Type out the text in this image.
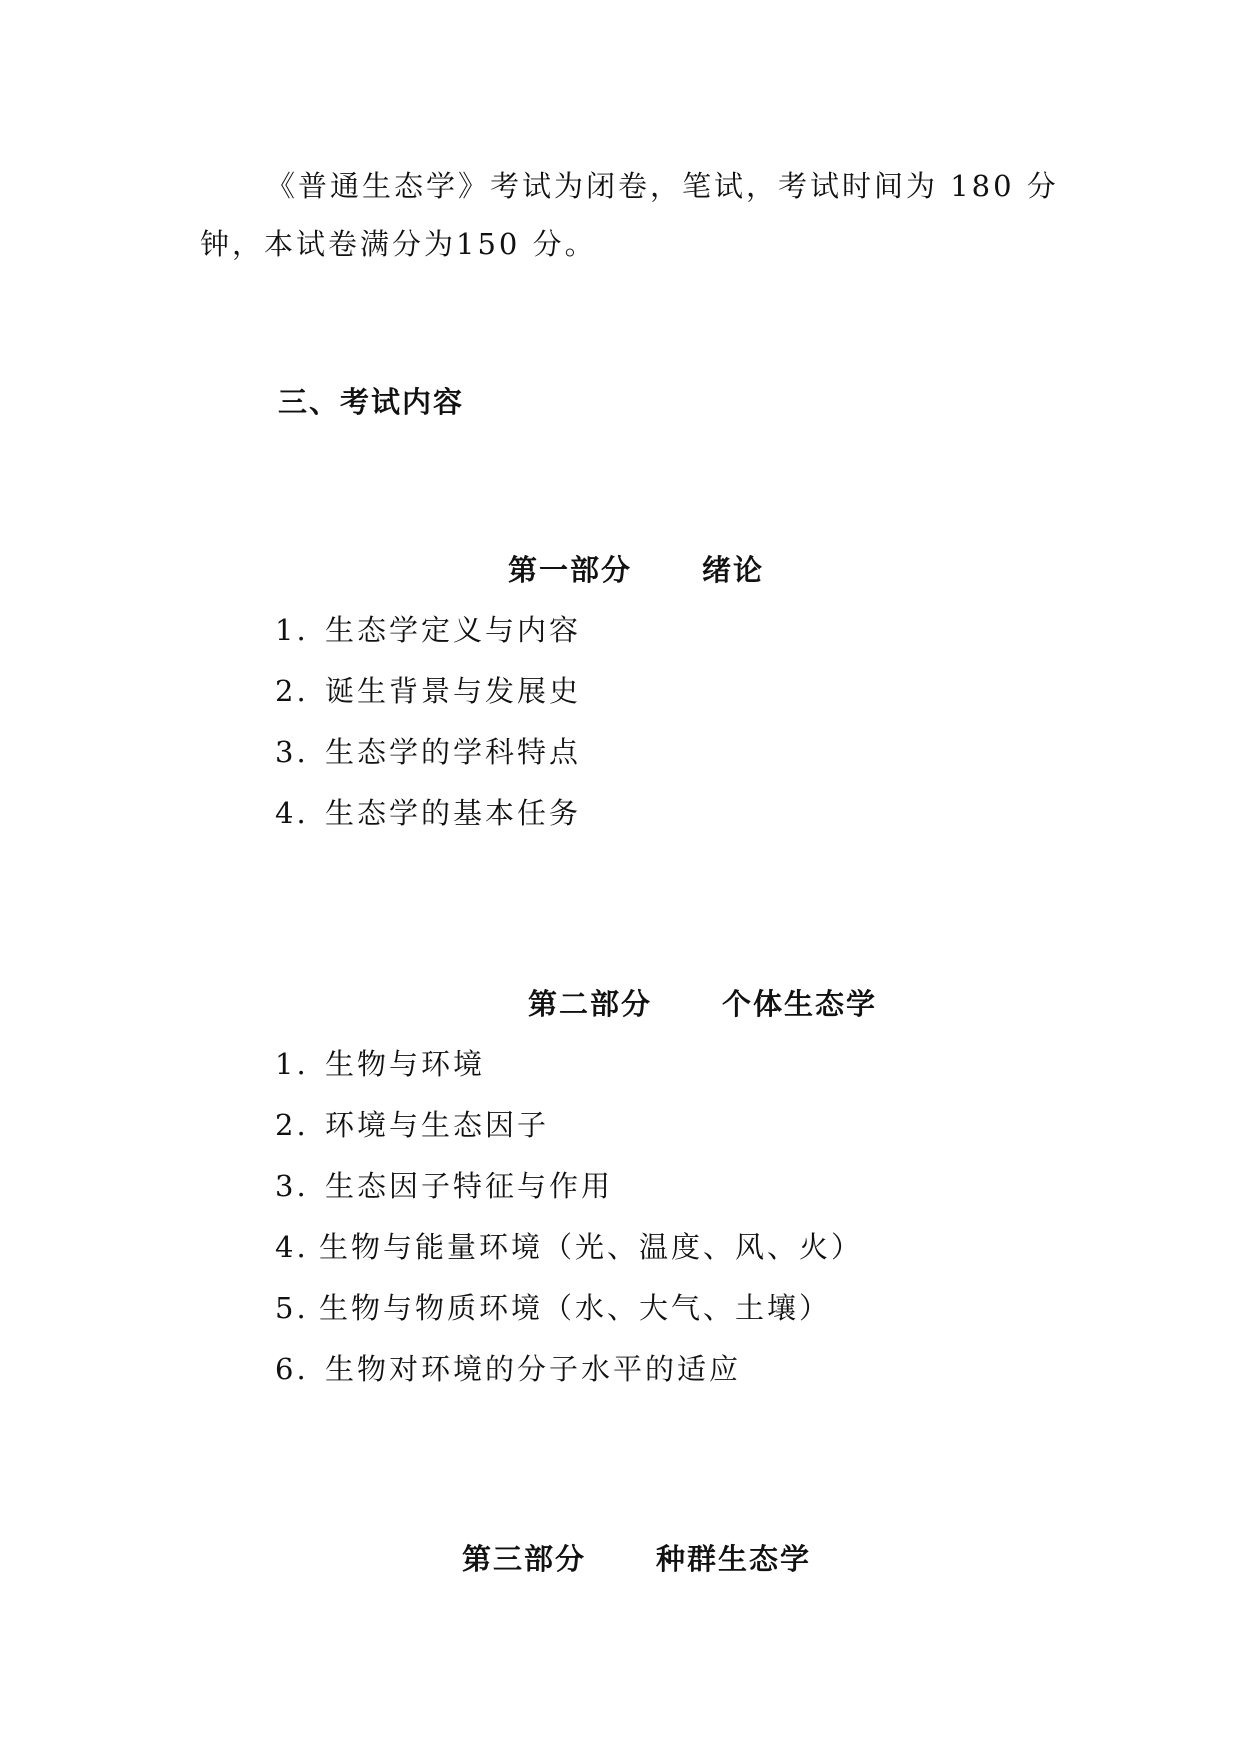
《普通生态学》考试为闭卷，笔试，考试时间为 180 分钟，本试卷满分为150 分。

三、考试内容
第一部分 绪论
1. 生态学定义与内容
2. 诞生背景与发展史
3. 生态学的学科特点
4. 生态学的基本任务
第二部分 个体生态学
1. 生物与环境
2. 环境与生态因子
3. 生态因子特征与作用
4. 生物与能量环境（光、温度、风、火）
5. 生物与物质环境（水、大气、土壤）
6. 生物对环境的分子水平的适应
第三部分 种群生态学
